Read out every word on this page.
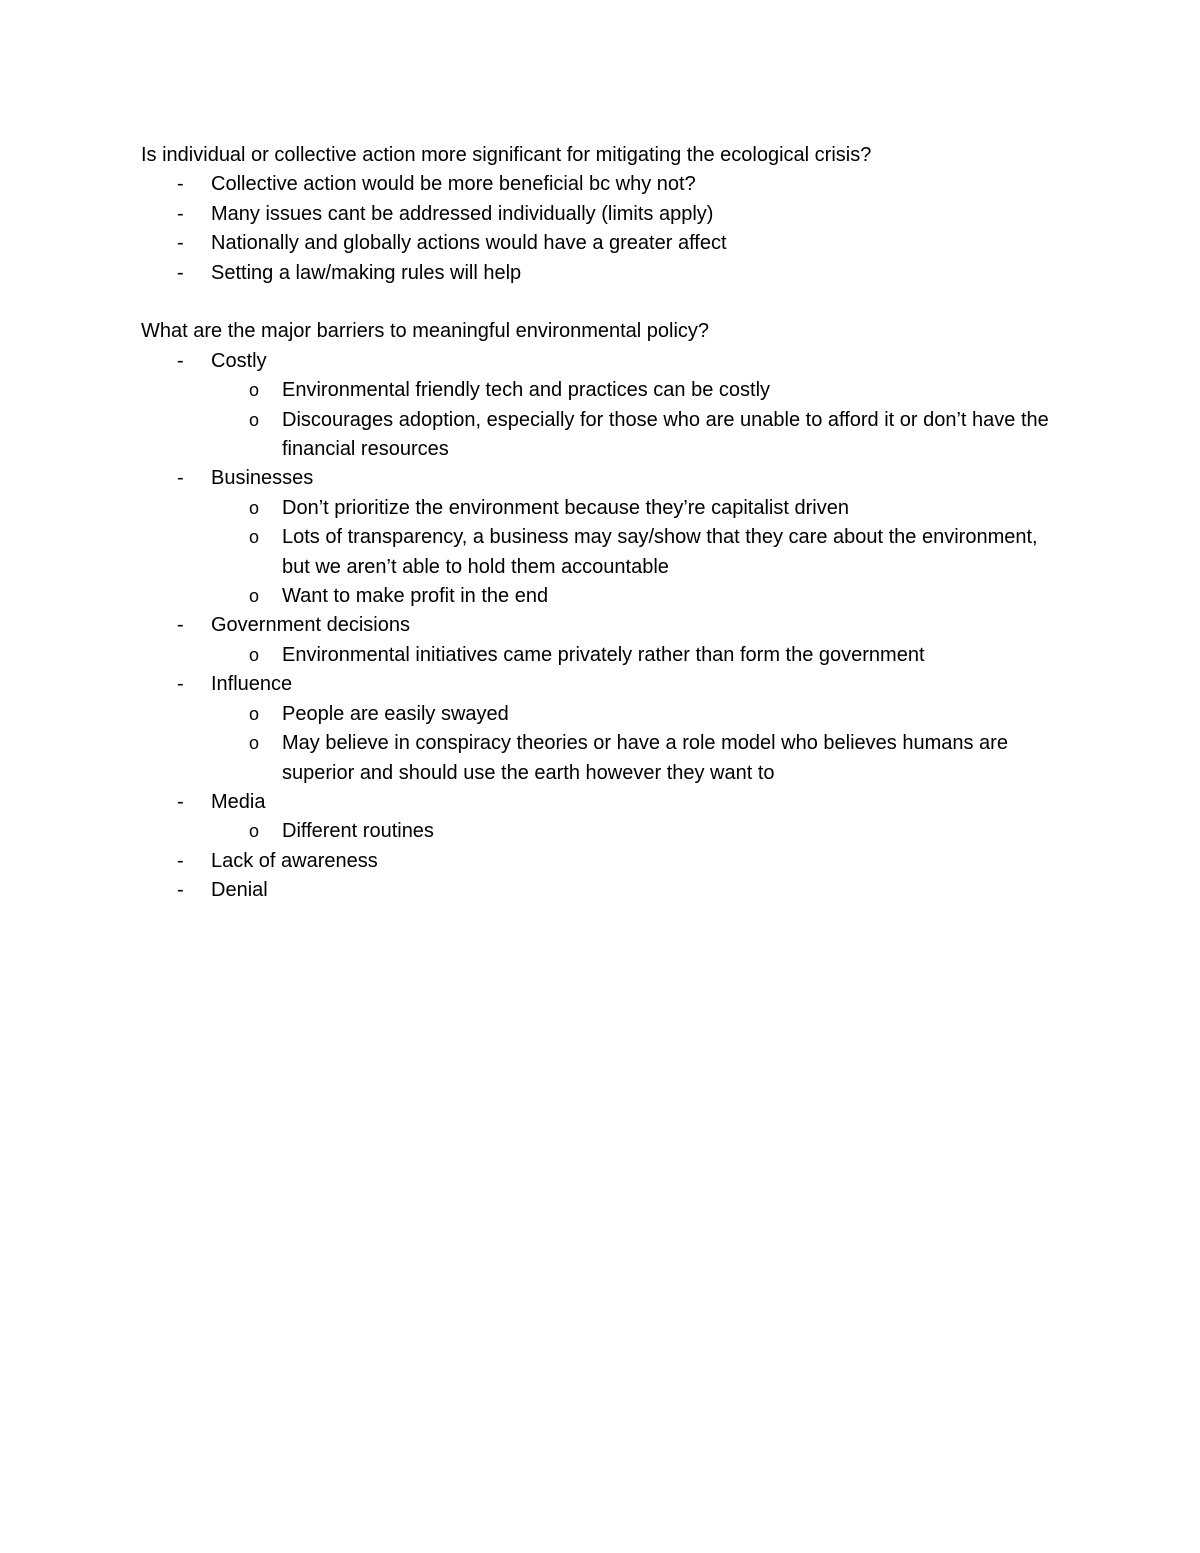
Is individual or collective action more significant for mitigating the ecological crisis?

- Collective action would be more beneficial bc why not?
- Many issues cant be addressed individually (limits apply)
- Nationally and globally actions would have a greater affect
- Setting a law/making rules will help

What are the major barriers to meaningful environmental policy?

- Costly
o Environmental friendly tech and practices can be costly
o Discourages adoption, especially for those who are unable to afford it or don’t have the financial resources
- Businesses
o Don’t prioritize the environment because they’re capitalist driven
o Lots of transparency, a business may say/show that they care about the environment, but we aren’t able to hold them accountable
o Want to make profit in the end
- Government decisions
o Environmental initiatives came privately rather than form the government
- Influence
o People are easily swayed
o May believe in conspiracy theories or have a role model who believes humans are superior and should use the earth however they want to
- Media
o Different routines
- Lack of awareness
- Denial
